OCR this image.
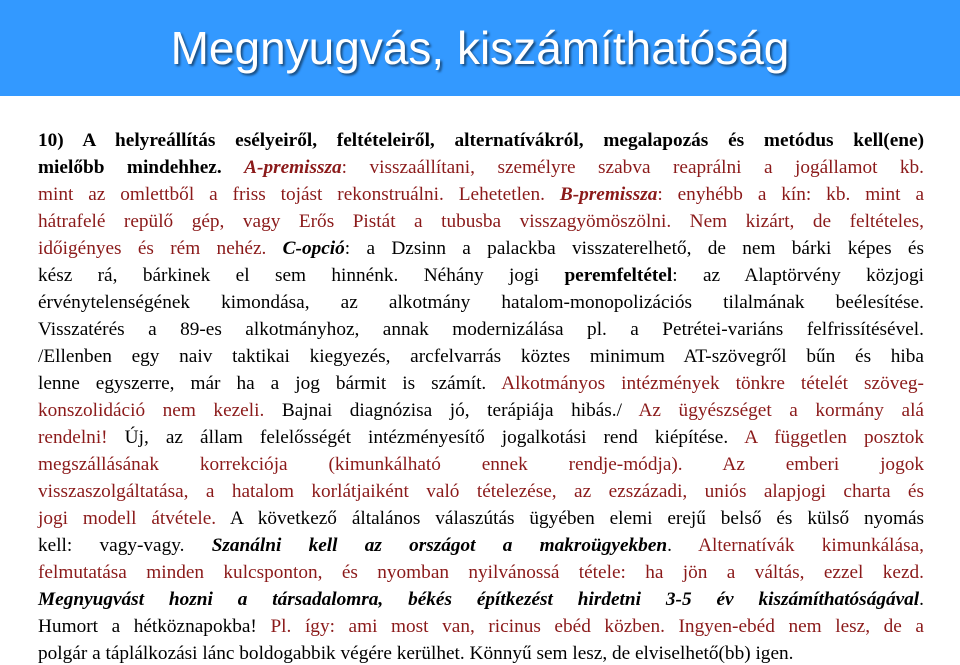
Megnyugvás, kiszámíthatóság
10) A helyreállítás esélyeiről, feltételeiről, alternatívákról, megalapozás és metódus kell(ene)
mielőbb mindehhez. A-premissza: visszaállítani, személyre szabva reaprálni a jogállamot kb.
mint az omlettből a friss tojást rekonstruálni. Lehetetlen. B-premissza: enyhébb a kín: kb. mint a
hátrafelé repülő gép, vagy Erős Pistát a tubusba visszagyömöszölni. Nem kizárt, de feltételes,
időigényes és rém nehéz. C-opció: a Dzsinn a palackba visszaterelhető, de nem bárki képes és
kész rá, bárkinek el sem hinnénk. Néhány jogi peremfeltétel: az Alaptörvény közjogi
érvénytelenségének kimondása, az alkotmány hatalom-monopolizációs tilalmának beélesítése.
Visszatérés a 89-es alkotmányhoz, annak modernizálása pl. a Petrétei-variáns felfrissítésével.
/Ellenben egy naiv taktikai kiegyezés, arcfelvarrás köztes minimum AT-szövegről bűn és hiba
lenne egyszerre, már ha a jog bármit is számít. Alkotmányos intézmények tönkre tételét szöveg-
konszolidáció nem kezeli. Bajnai diagnózisa jó, terápiája hibás./ Az ügyészséget a kormány alá
rendelni! Új, az állam felelősségét intézményesítő jogalkotási rend kiépítése. A független posztok
megszállásának korrekciója (kimunkálható ennek rendje-módja). Az emberi jogok
visszaszolgáltatása, a hatalom korlátjaiként való tételezése, az ezszázadi, uniós alapjogi charta és
jogi modell átvétele. A következő általános válaszútás ügyében elemi erejű belső és külső nyomás
kell: vagy-vagy. Szanálni kell az országot a makroügyekben. Alternatívák kimunkálása,
felmutatása minden kulcsponton, és nyomban nyilvánossá tétele: ha jön a váltás, ezzel kezd.
Megnyugvást hozni a társadalomra, békés építkezést hirdetni 3-5 év kiszámíthatóságával.
Humort a hétköznapokba! Pl. így: ami most van, ricinus ebéd közben. Ingyen-ebéd nem lesz, de a
polgár a táplálkozási lánc boldogabbik végére kerülhet. Könnyű sem lesz, de elviselhető(bb) igen.
